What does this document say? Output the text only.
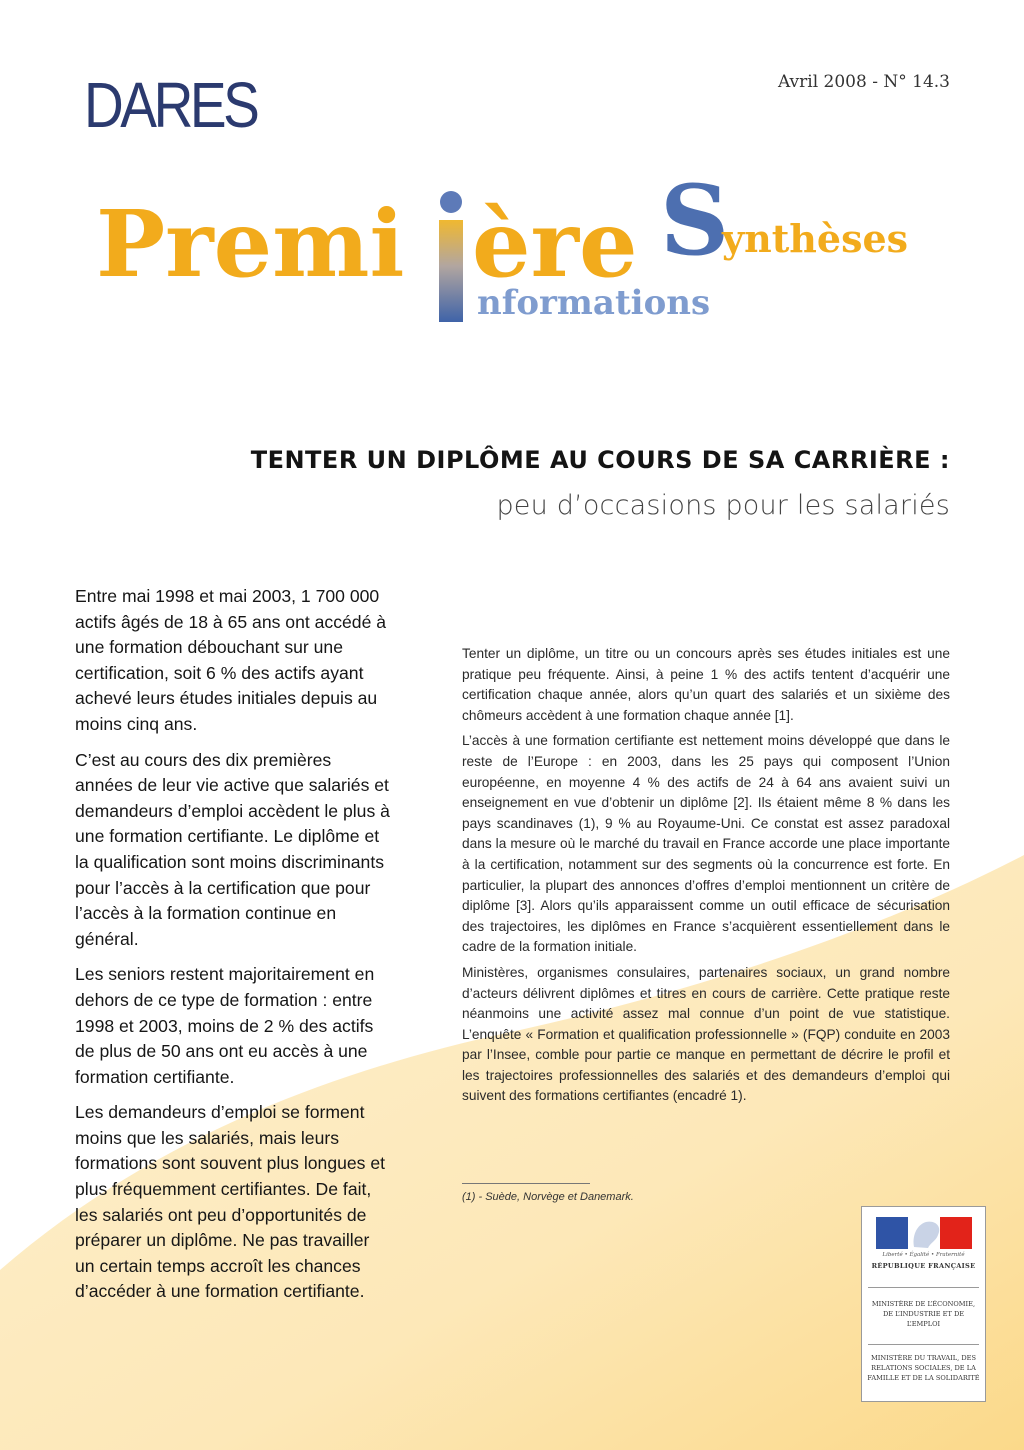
DARES	Avril 2008 - N° 14.3
Premi ère S
ynthèses
nformations
TENTER UN DIPLÔME AU COURS DE SA CARRIÈRE :
peu d’occasions pour les salariés

Entre mai 1998 et mai 2003, 1 700 000 actifs âgés de 18 à 65 ans ont accédé à une formation débouchant sur une certification, soit 6 % des actifs ayant achevé leurs études initiales depuis au moins cinq ans.

C’est au cours des dix premières années de leur vie active que salariés et demandeurs d’emploi accèdent le plus à une formation certifiante. Le diplôme et la qualification sont moins discriminants pour l’accès à la certification que pour l’accès à la formation continue en général.

Les seniors restent majoritairement en dehors de ce type de formation : entre 1998 et 2003, moins de 2 % des actifs de plus de 50 ans ont eu accès à une formation certifiante.

Les demandeurs d’emploi se forment moins que les salariés, mais leurs formations sont souvent plus longues et plus fréquemment certifiantes. De fait, les salariés ont peu d’opportunités de préparer un diplôme. Ne pas travailler un certain temps accroît les chances d’accéder à une formation certifiante.

Tenter un diplôme, un titre ou un concours après ses études initiales est une pratique peu fréquente. Ainsi, à peine 1 % des actifs tentent d’acquérir une certification chaque année, alors qu’un quart des salariés et un sixième des chômeurs accèdent à une formation chaque année [1].

L’accès à une formation certifiante est nettement moins développé que dans le reste de l’Europe : en 2003, dans les 25 pays qui composent l’Union européenne, en moyenne 4 % des actifs de 24 à 64 ans avaient suivi un enseignement en vue d’obtenir un diplôme [2]. Ils étaient même 8 % dans les pays scandinaves (1), 9 % au Royaume-Uni. Ce constat est assez paradoxal dans la mesure où le marché du travail en France accorde une place importante à la certification, notamment sur des segments où la concurrence est forte. En particulier, la plupart des annonces d’offres d’emploi mentionnent un critère de diplôme [3]. Alors qu’ils apparaissent comme un outil efficace de sécurisation des trajectoires, les diplômes en France s’acquièrent essentiellement dans le cadre de la formation initiale.

Ministères, organismes consulaires, partenaires sociaux, un grand nombre d’acteurs délivrent diplômes et titres en cours de carrière. Cette pratique reste néanmoins une activité assez mal connue d’un point de vue statistique. L’enquête « Formation et qualification professionnelle » (FQP) conduite en 2003 par l’Insee, comble pour partie ce manque en permettant de décrire le profil et les trajectoires professionnelles des salariés et des demandeurs d’emploi qui suivent des formations certifiantes (encadré 1).

(1) - Suède, Norvège et Danemark.
Liberté • Égalité • Fraternité
RÉPUBLIQUE FRANÇAISE
MINISTÈRE DE L’ÉCONOMIE, DE L’INDUSTRIE ET DE L’EMPLOI
MINISTÈRE DU TRAVAIL, DES RELATIONS SOCIALES, DE LA FAMILLE ET DE LA SOLIDARITÉ
